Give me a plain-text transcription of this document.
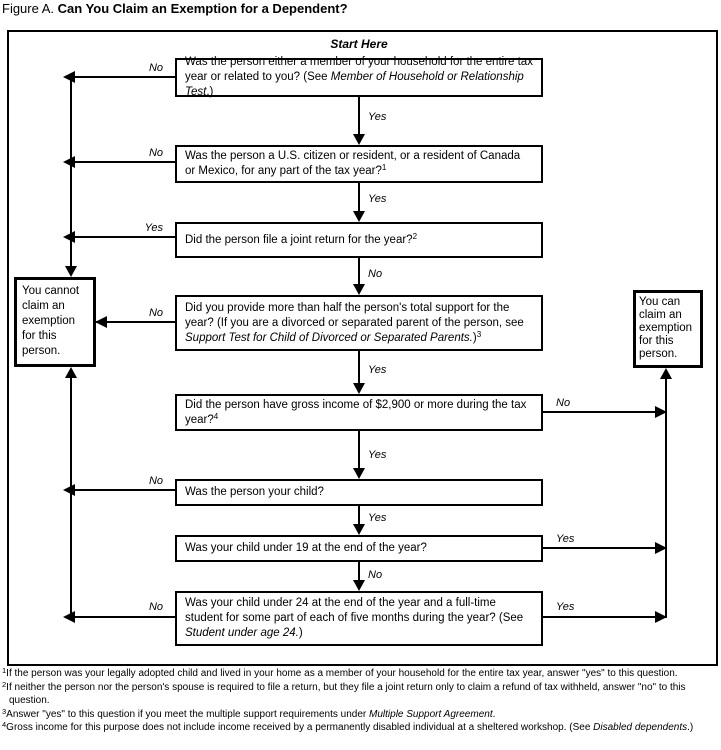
Figure A. Can You Claim an Exemption for a Dependent?
Start Here
Was the person either a member of your household for the entire tax year or related to you? (See Member of Household or Relationship Test.)
Was the person a U.S. citizen or resident, or a resident of Canada or Mexico, for any part of the tax year?$^1$
Did the person file a joint return for the year?$^2$
Did you provide more than half the person's total support for the year? (If you are a divorced or separated parent of the person, see Support Test for Child of Divorced or Separated Parents.)$^3$
Did the person have gross income of $2,900 or more during the tax year?$^4$
Was the person your child?
Was your child under 19 at the end of the year?
Was your child under 24 at the end of the year and a full-time student for some part of each of five months during the year? (See Student under age 24.)
You cannot claim an exemption for this person.
You can claim an exemption for this person.
Yes
Yes
No
Yes
Yes
Yes
No
No
No
Yes
No
No
No
No
Yes
Yes
$^1$If the person was your legally adopted child and lived in your home as a member of your household for the entire tax year, answer "yes" to this question.
$^2$If neither the person nor the person's spouse is required to file a return, but they file a joint return only to claim a refund of tax withheld, answer "no" to this question.
$^3$Answer "yes" to this question if you meet the multiple support requirements under Multiple Support Agreement.
$^4$Gross income for this purpose does not include income received by a permanently disabled individual at a sheltered workshop. (See Disabled dependents.)
